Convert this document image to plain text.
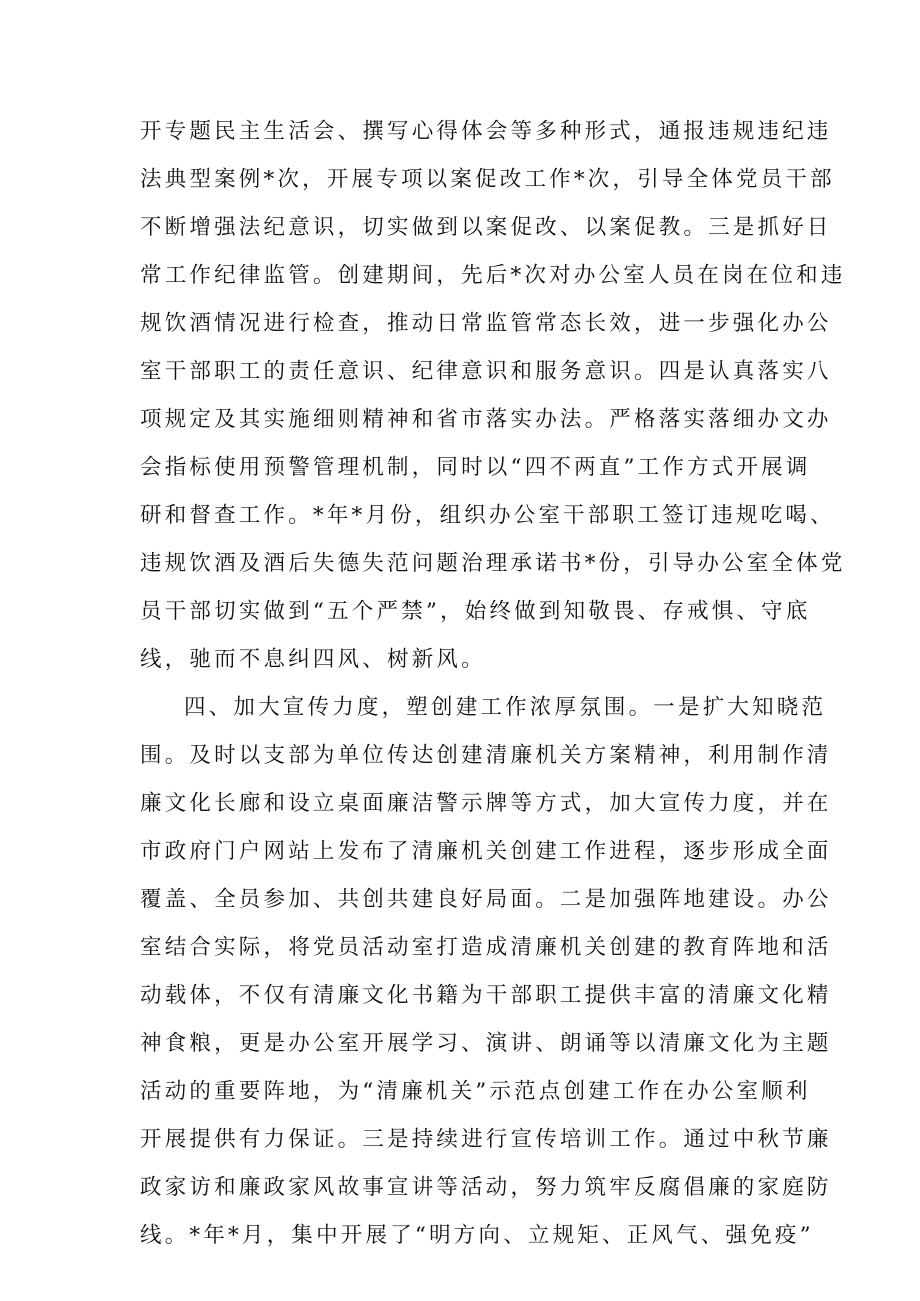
开专题民主生活会、撰写心得体会等多种形式，通报违规违纪违
法典型案例*次，开展专项以案促改工作*次，引导全体党员干部
不断增强法纪意识，切实做到以案促改、以案促教。三是抓好日
常工作纪律监管。创建期间，先后*次对办公室人员在岗在位和违
规饮酒情况进行检查，推动日常监管常态长效，进一步强化办公
室干部职工的责任意识、纪律意识和服务意识。四是认真落实八
项规定及其实施细则精神和省市落实办法。严格落实落细办文办
会指标使用预警管理机制，同时以“四不两直”工作方式开展调
研和督查工作。*年*月份，组织办公室干部职工签订违规吃喝、
违规饮酒及酒后失德失范问题治理承诺书*份，引导办公室全体党
员干部切实做到“五个严禁”，始终做到知敬畏、存戒惧、守底
线，驰而不息纠四风、树新风。
四、加大宣传力度，塑创建工作浓厚氛围。一是扩大知晓范
围。及时以支部为单位传达创建清廉机关方案精神，利用制作清
廉文化长廊和设立桌面廉洁警示牌等方式，加大宣传力度，并在
市政府门户网站上发布了清廉机关创建工作进程，逐步形成全面
覆盖、全员参加、共创共建良好局面。二是加强阵地建设。办公
室结合实际，将党员活动室打造成清廉机关创建的教育阵地和活
动载体，不仅有清廉文化书籍为干部职工提供丰富的清廉文化精
神食粮，更是办公室开展学习、演讲、朗诵等以清廉文化为主题
活动的重要阵地，为“清廉机关”示范点创建工作在办公室顺利
开展提供有力保证。三是持续进行宣传培训工作。通过中秋节廉
政家访和廉政家风故事宣讲等活动，努力筑牢反腐倡廉的家庭防
线。*年*月，集中开展了“明方向、立规矩、正风气、强免疫”
